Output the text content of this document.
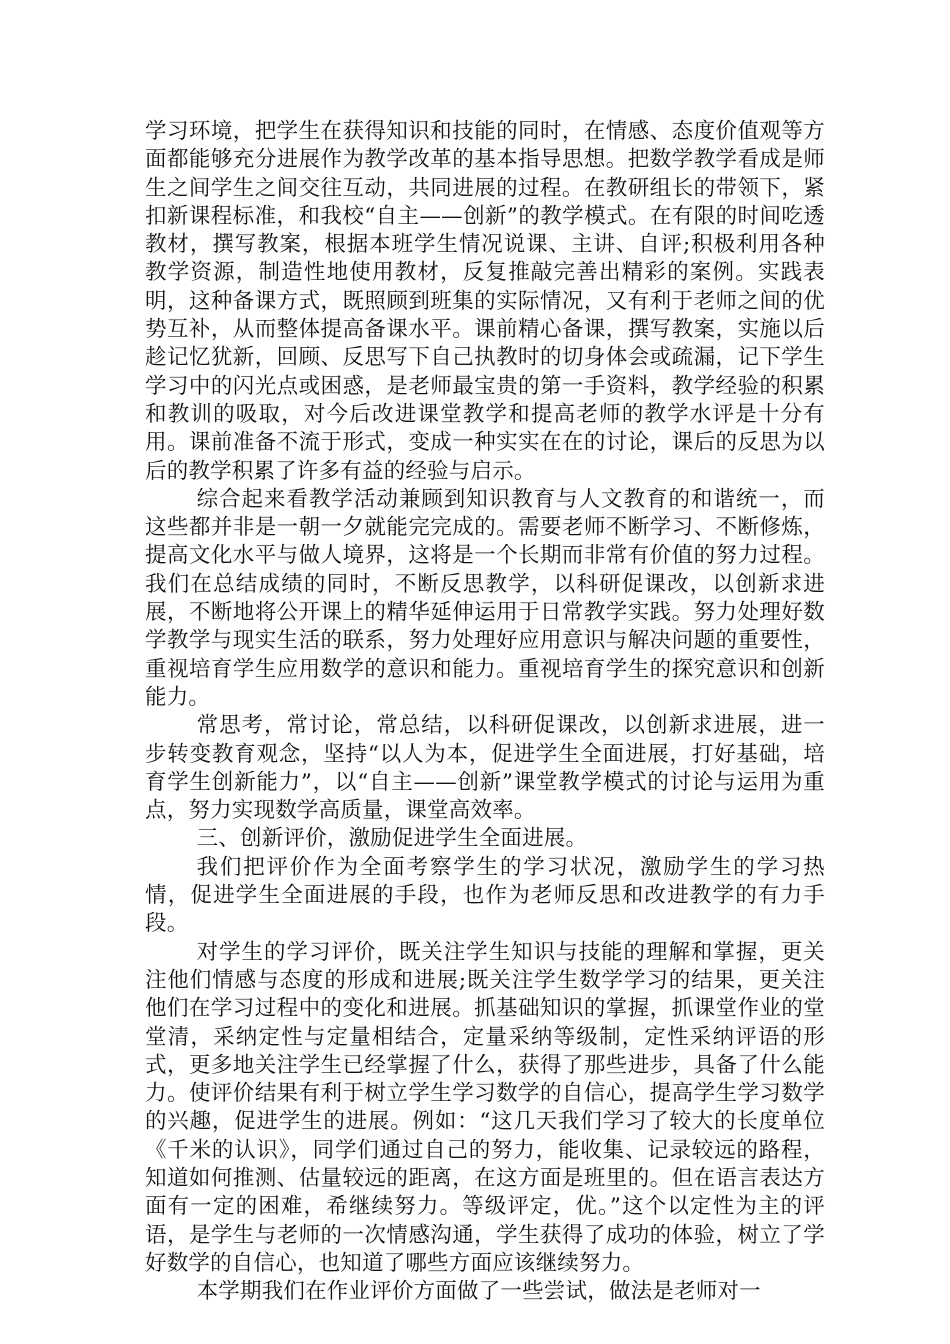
学习环境，把学生在获得知识和技能的同时，在情感、态度价值观等方面都能够充分进展作为教学改革的基本指导思想。把数学教学看成是师生之间学生之间交往互动，共同进展的过程。在教研组长的带领下，紧扣新课程标准，和我校“自主——创新”的教学模式。在有限的时间吃透教材，撰写教案，根据本班学生情况说课、主讲、自评;积极利用各种教学资源，制造性地使用教材，反复推敲完善出精彩的案例。实践表明，这种备课方式，既照顾到班集的实际情况，又有利于老师之间的优势互补，从而整体提高备课水平。课前精心备课，撰写教案，实施以后趁记忆犹新，回顾、反思写下自己执教时的切身体会或疏漏，记下学生学习中的闪光点或困惑，是老师最宝贵的第一手资料，教学经验的积累和教训的吸取，对今后改进课堂教学和提高老师的教学水评是十分有用。课前准备不流于形式，变成一种实实在在的讨论，课后的反思为以后的教学积累了许多有益的经验与启示。

综合起来看教学活动兼顾到知识教育与人文教育的和谐统一，而这些都并非是一朝一夕就能完完成的。需要老师不断学习、不断修炼，提高文化水平与做人境界，这将是一个长期而非常有价值的努力过程。我们在总结成绩的同时，不断反思教学，以科研促课改，以创新求进展，不断地将公开课上的精华延伸运用于日常教学实践。努力处理好数学教学与现实生活的联系，努力处理好应用意识与解决问题的重要性，重视培育学生应用数学的意识和能力。重视培育学生的探究意识和创新能力。

常思考，常讨论，常总结，以科研促课改，以创新求进展，进一步转变教育观念，坚持“以人为本，促进学生全面进展，打好基础，培育学生创新能力”，以“自主——创新”课堂教学模式的讨论与运用为重点，努力实现数学高质量，课堂高效率。

三、创新评价，激励促进学生全面进展。

我们把评价作为全面考察学生的学习状况，激励学生的学习热情，促进学生全面进展的手段，也作为老师反思和改进教学的有力手段。

对学生的学习评价，既关注学生知识与技能的理解和掌握，更关注他们情感与态度的形成和进展;既关注学生数学学习的结果，更关注他们在学习过程中的变化和进展。抓基础知识的掌握，抓课堂作业的堂堂清，采纳定性与定量相结合，定量采纳等级制，定性采纳评语的形式，更多地关注学生已经掌握了什么，获得了那些进步，具备了什么能力。使评价结果有利于树立学生学习数学的自信心，提高学生学习数学的兴趣，促进学生的进展。例如：“这几天我们学习了较大的长度单位《千米的认识》，同学们通过自己的努力，能收集、记录较远的路程，知道如何推测、估量较远的距离，在这方面是班里的。但在语言表达方面有一定的困难，希继续努力。等级评定，优。”这个以定性为主的评语，是学生与老师的一次情感沟通，学生获得了成功的体验，树立了学好数学的自信心，也知道了哪些方面应该继续努力。

本学期我们在作业评价方面做了一些尝试，做法是老师对一
